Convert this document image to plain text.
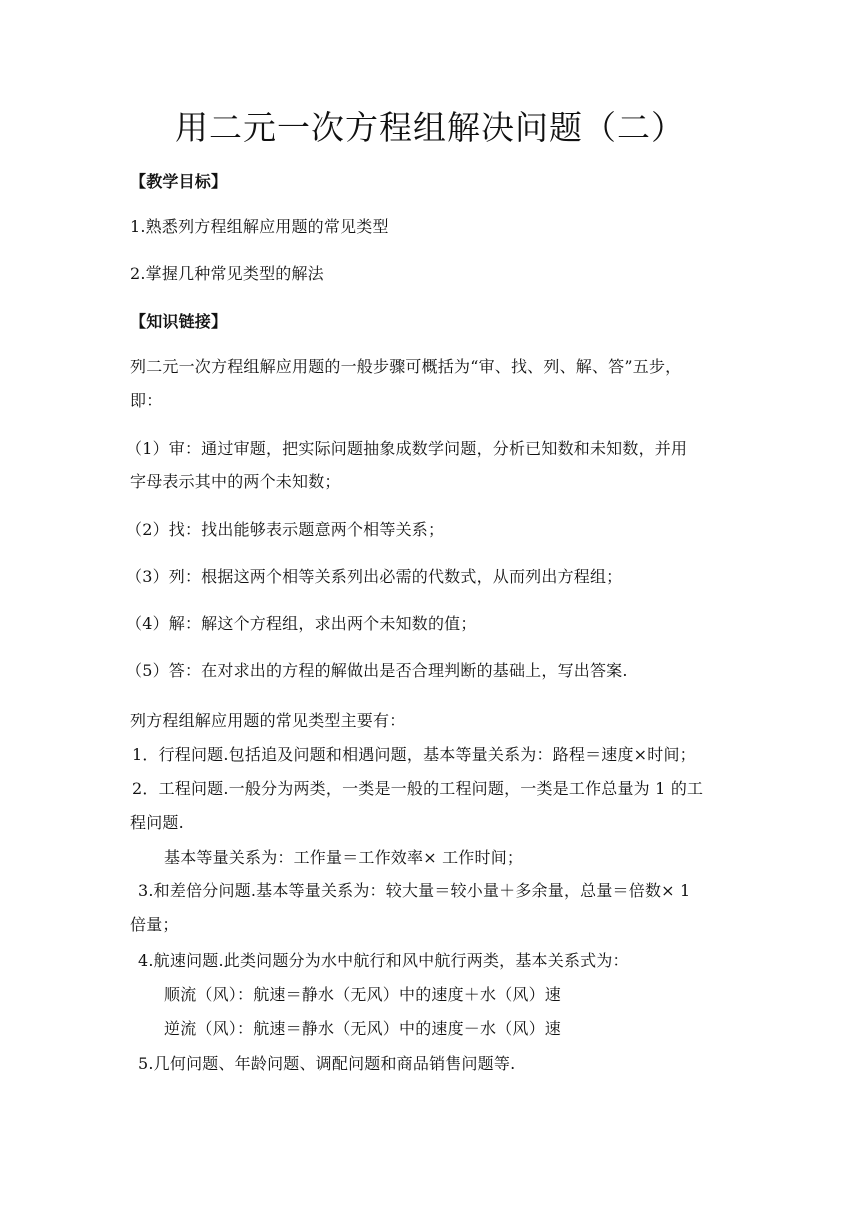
用二元一次方程组解决问题（二）
【教学目标】
1.熟悉列方程组解应用题的常见类型
2.掌握几种常见类型的解法
【知识链接】
列二元一次方程组解应用题的一般步骤可概括为“审、找、列、解、答”五步，
即：
（1）审：通过审题，把实际问题抽象成数学问题，分析已知数和未知数，并用
字母表示其中的两个未知数；
（2）找：找出能够表示题意两个相等关系；
（3）列：根据这两个相等关系列出必需的代数式，从而列出方程组；
（4）解：解这个方程组，求出两个未知数的值；
（5）答：在对求出的方程的解做出是否合理判断的基础上，写出答案.
列方程组解应用题的常见类型主要有：
1．行程问题.包括追及问题和相遇问题，基本等量关系为：路程＝速度×时间；
2．工程问题.一般分为两类，一类是一般的工程问题，一类是工作总量为 1 的工
程问题.
基本等量关系为：工作量＝工作效率× 工作时间；
3.和差倍分问题.基本等量关系为：较大量＝较小量＋多余量，总量＝倍数× 1
倍量；
4.航速问题.此类问题分为水中航行和风中航行两类，基本关系式为：
顺流（风）：航速＝静水（无风）中的速度＋水（风）速
逆流（风）：航速＝静水（无风）中的速度－水（风）速
5.几何问题、年龄问题、调配问题和商品销售问题等.
